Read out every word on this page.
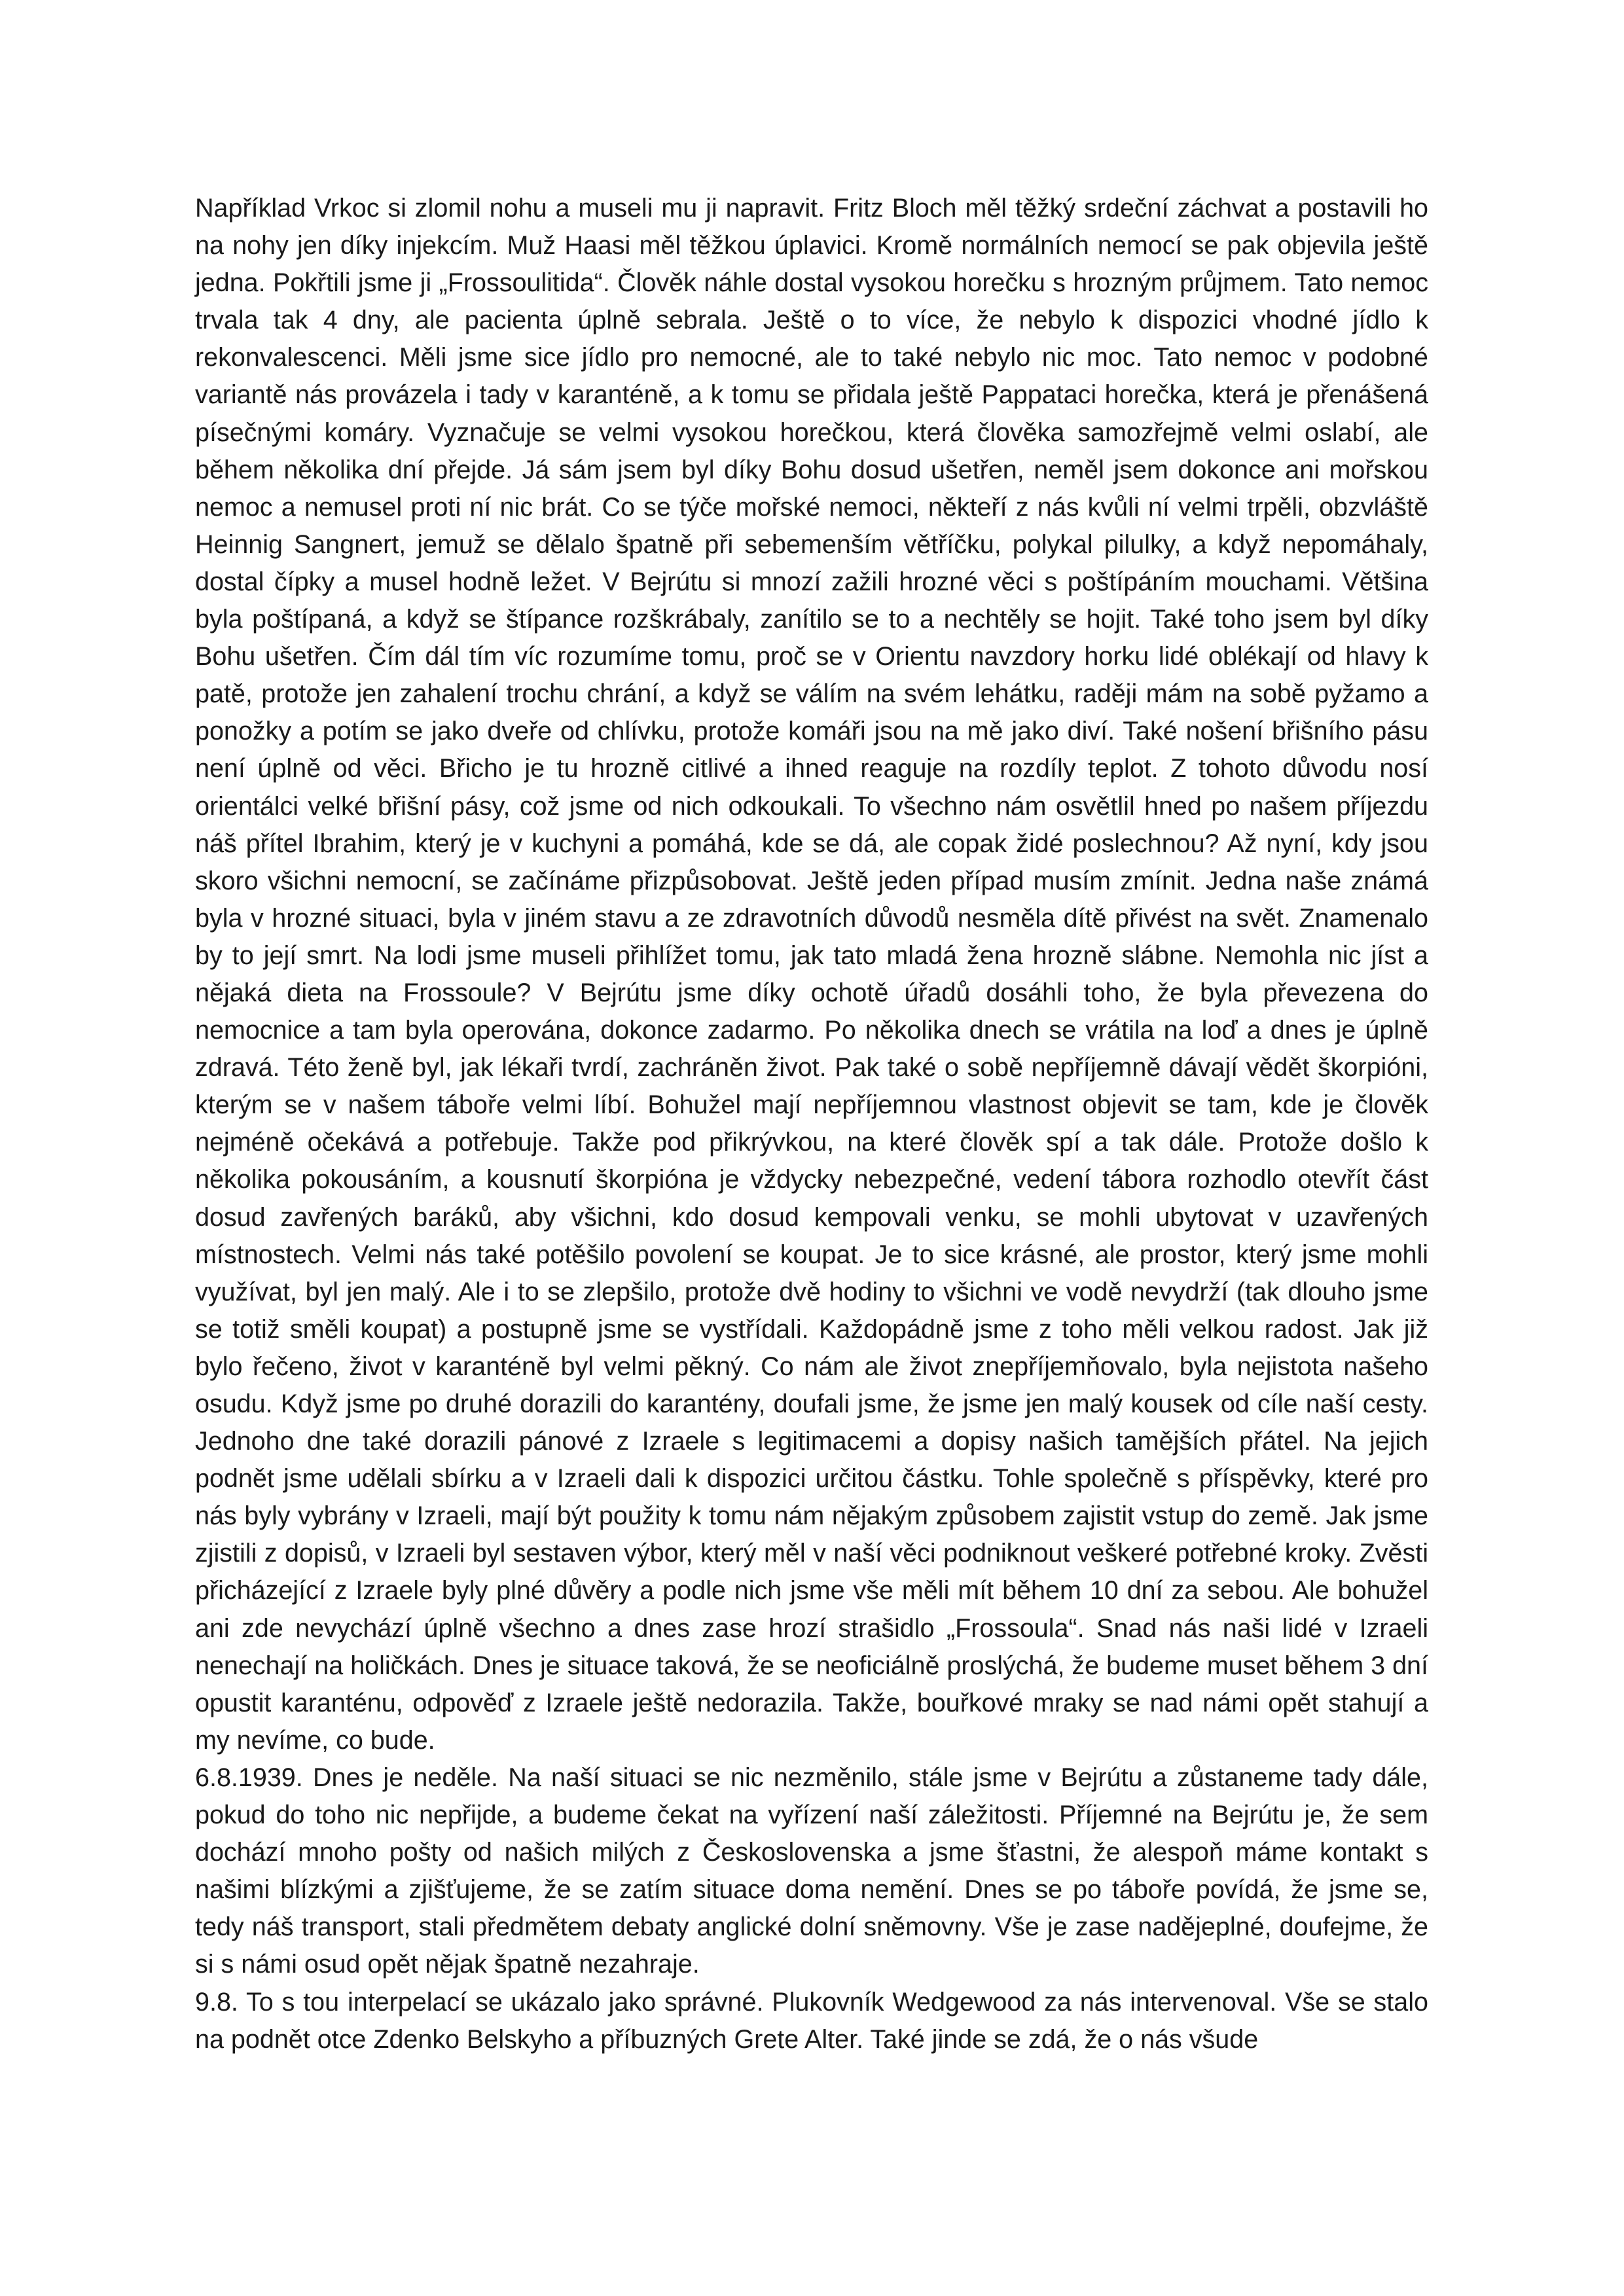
Například Vrkoc si zlomil nohu a museli mu ji napravit. Fritz Bloch měl těžký srdeční záchvat a postavili ho na nohy jen díky injekcím. Muž Haasi měl těžkou úplavici. Kromě normálních nemocí se pak objevila ještě jedna. Pokřtili jsme ji „Frossoulitida“. Člověk náhle dostal vysokou horečku s hrozným průjmem. Tato nemoc trvala tak 4 dny, ale pacienta úplně sebrala. Ještě o to více, že nebylo k dispozici vhodné jídlo k rekonvalescenci. Měli jsme sice jídlo pro nemocné, ale to také nebylo nic moc. Tato nemoc v podobné variantě nás provázela i tady v karanténě, a k tomu se přidala ještě Pappataci horečka, která je přenášená písečnými komáry. Vyznačuje se velmi vysokou horečkou, která člověka samozřejmě velmi oslabí, ale během několika dní přejde. Já sám jsem byl díky Bohu dosud ušetřen, neměl jsem dokonce ani mořskou nemoc a nemusel proti ní nic brát. Co se týče mořské nemoci, někteří z nás kvůli ní velmi trpěli, obzvláště Heinnig Sangnert, jemuž se dělalo špatně při sebemenším větříčku, polykal pilulky, a když nepomáhaly, dostal čípky a musel hodně ležet. V Bejrútu si mnozí zažili hrozné věci s poštípáním mouchami. Většina byla poštípaná, a když se štípance rozškrábaly, zanítilo se to a nechtěly se hojit. Také toho jsem byl díky Bohu ušetřen. Čím dál tím víc rozumíme tomu, proč se v Orientu navzdory horku lidé oblékají od hlavy k patě, protože jen zahalení trochu chrání, a když se válím na svém lehátku, raději mám na sobě pyžamo a ponožky a potím se jako dveře od chlívku, protože komáři jsou na mě jako diví. Také nošení břišního pásu není úplně od věci. Břicho je tu hrozně citlivé a ihned reaguje na rozdíly teplot. Z tohoto důvodu nosí orientálci velké břišní pásy, což jsme od nich odkoukali. To všechno nám osvětlil hned po našem příjezdu náš přítel Ibrahim, který je v kuchyni a pomáhá, kde se dá, ale copak židé poslechnou? Až nyní, kdy jsou skoro všichni nemocní, se začínáme přizpůsobovat. Ještě jeden případ musím zmínit. Jedna naše známá byla v hrozné situaci, byla v jiném stavu a ze zdravotních důvodů nesměla dítě přivést na svět. Znamenalo by to její smrt. Na lodi jsme museli přihlížet tomu, jak tato mladá žena hrozně slábne. Nemohla nic jíst a nějaká dieta na Frossoule? V Bejrútu jsme díky ochotě úřadů dosáhli toho, že byla převezena do nemocnice a tam byla operována, dokonce zadarmo. Po několika dnech se vrátila na loď a dnes je úplně zdravá. Této ženě byl, jak lékaři tvrdí, zachráněn život. Pak také o sobě nepříjemně dávají vědět škorpióni, kterým se v našem táboře velmi líbí. Bohužel mají nepříjemnou vlastnost objevit se tam, kde je člověk nejméně očekává a potřebuje. Takže pod přikrývkou, na které člověk spí a tak dále. Protože došlo k několika pokousáním, a kousnutí škorpióna je vždycky nebezpečné, vedení tábora rozhodlo otevřít část dosud zavřených baráků, aby všichni, kdo dosud kempovali venku, se mohli ubytovat v uzavřených místnostech. Velmi nás také potěšilo povolení se koupat. Je to sice krásné, ale prostor, který jsme mohli využívat, byl jen malý. Ale i to se zlepšilo, protože dvě hodiny to všichni ve vodě nevydrží (tak dlouho jsme se totiž směli koupat) a postupně jsme se vystřídali. Každopádně jsme z toho měli velkou radost. Jak již bylo řečeno, život v karanténě byl velmi pěkný. Co nám ale život znepříjemňovalo, byla nejistota našeho osudu. Když jsme po druhé dorazili do karantény, doufali jsme, že jsme jen malý kousek od cíle naší cesty. Jednoho dne také dorazili pánové z Izraele s legitimacemi a dopisy našich tamějších přátel. Na jejich podnět jsme udělali sbírku a v Izraeli dali k dispozici určitou částku. Tohle společně s příspěvky, které pro nás byly vybrány v Izraeli, mají být použity k tomu nám nějakým způsobem zajistit vstup do země. Jak jsme zjistili z dopisů, v Izraeli byl sestaven výbor, který měl v naší věci podniknout veškeré potřebné kroky. Zvěsti přicházející z Izraele byly plné důvěry a podle nich jsme vše měli mít během 10 dní za sebou. Ale bohužel ani zde nevychází úplně všechno a dnes zase hrozí strašidlo „Frossoula“. Snad nás naši lidé v Izraeli nenechají na holičkách. Dnes je situace taková, že se neoficiálně proslýchá, že budeme muset během 3 dní opustit karanténu, odpověď z Izraele ještě nedorazila. Takže, bouřkové mraky se nad námi opět stahují a my nevíme, co bude.

6.8.1939. Dnes je neděle. Na naší situaci se nic nezměnilo, stále jsme v Bejrútu a zůstaneme tady dále, pokud do toho nic nepřijde, a budeme čekat na vyřízení naší záležitosti. Příjemné na Bejrútu je, že sem dochází mnoho pošty od našich milých z Československa a jsme šťastni, že alespoň máme kontakt s našimi blízkými a zjišťujeme, že se zatím situace doma nemění. Dnes se po táboře povídá, že jsme se, tedy náš transport, stali předmětem debaty anglické dolní sněmovny. Vše je zase nadějeplné, doufejme, že si s námi osud opět nějak špatně nezahraje.

9.8. To s tou interpelací se ukázalo jako správné. Plukovník Wedgewood za nás intervenoval. Vše se stalo na podnět otce Zdenko Belskyho a příbuzných Grete Alter. Také jinde se zdá, že o nás všude
